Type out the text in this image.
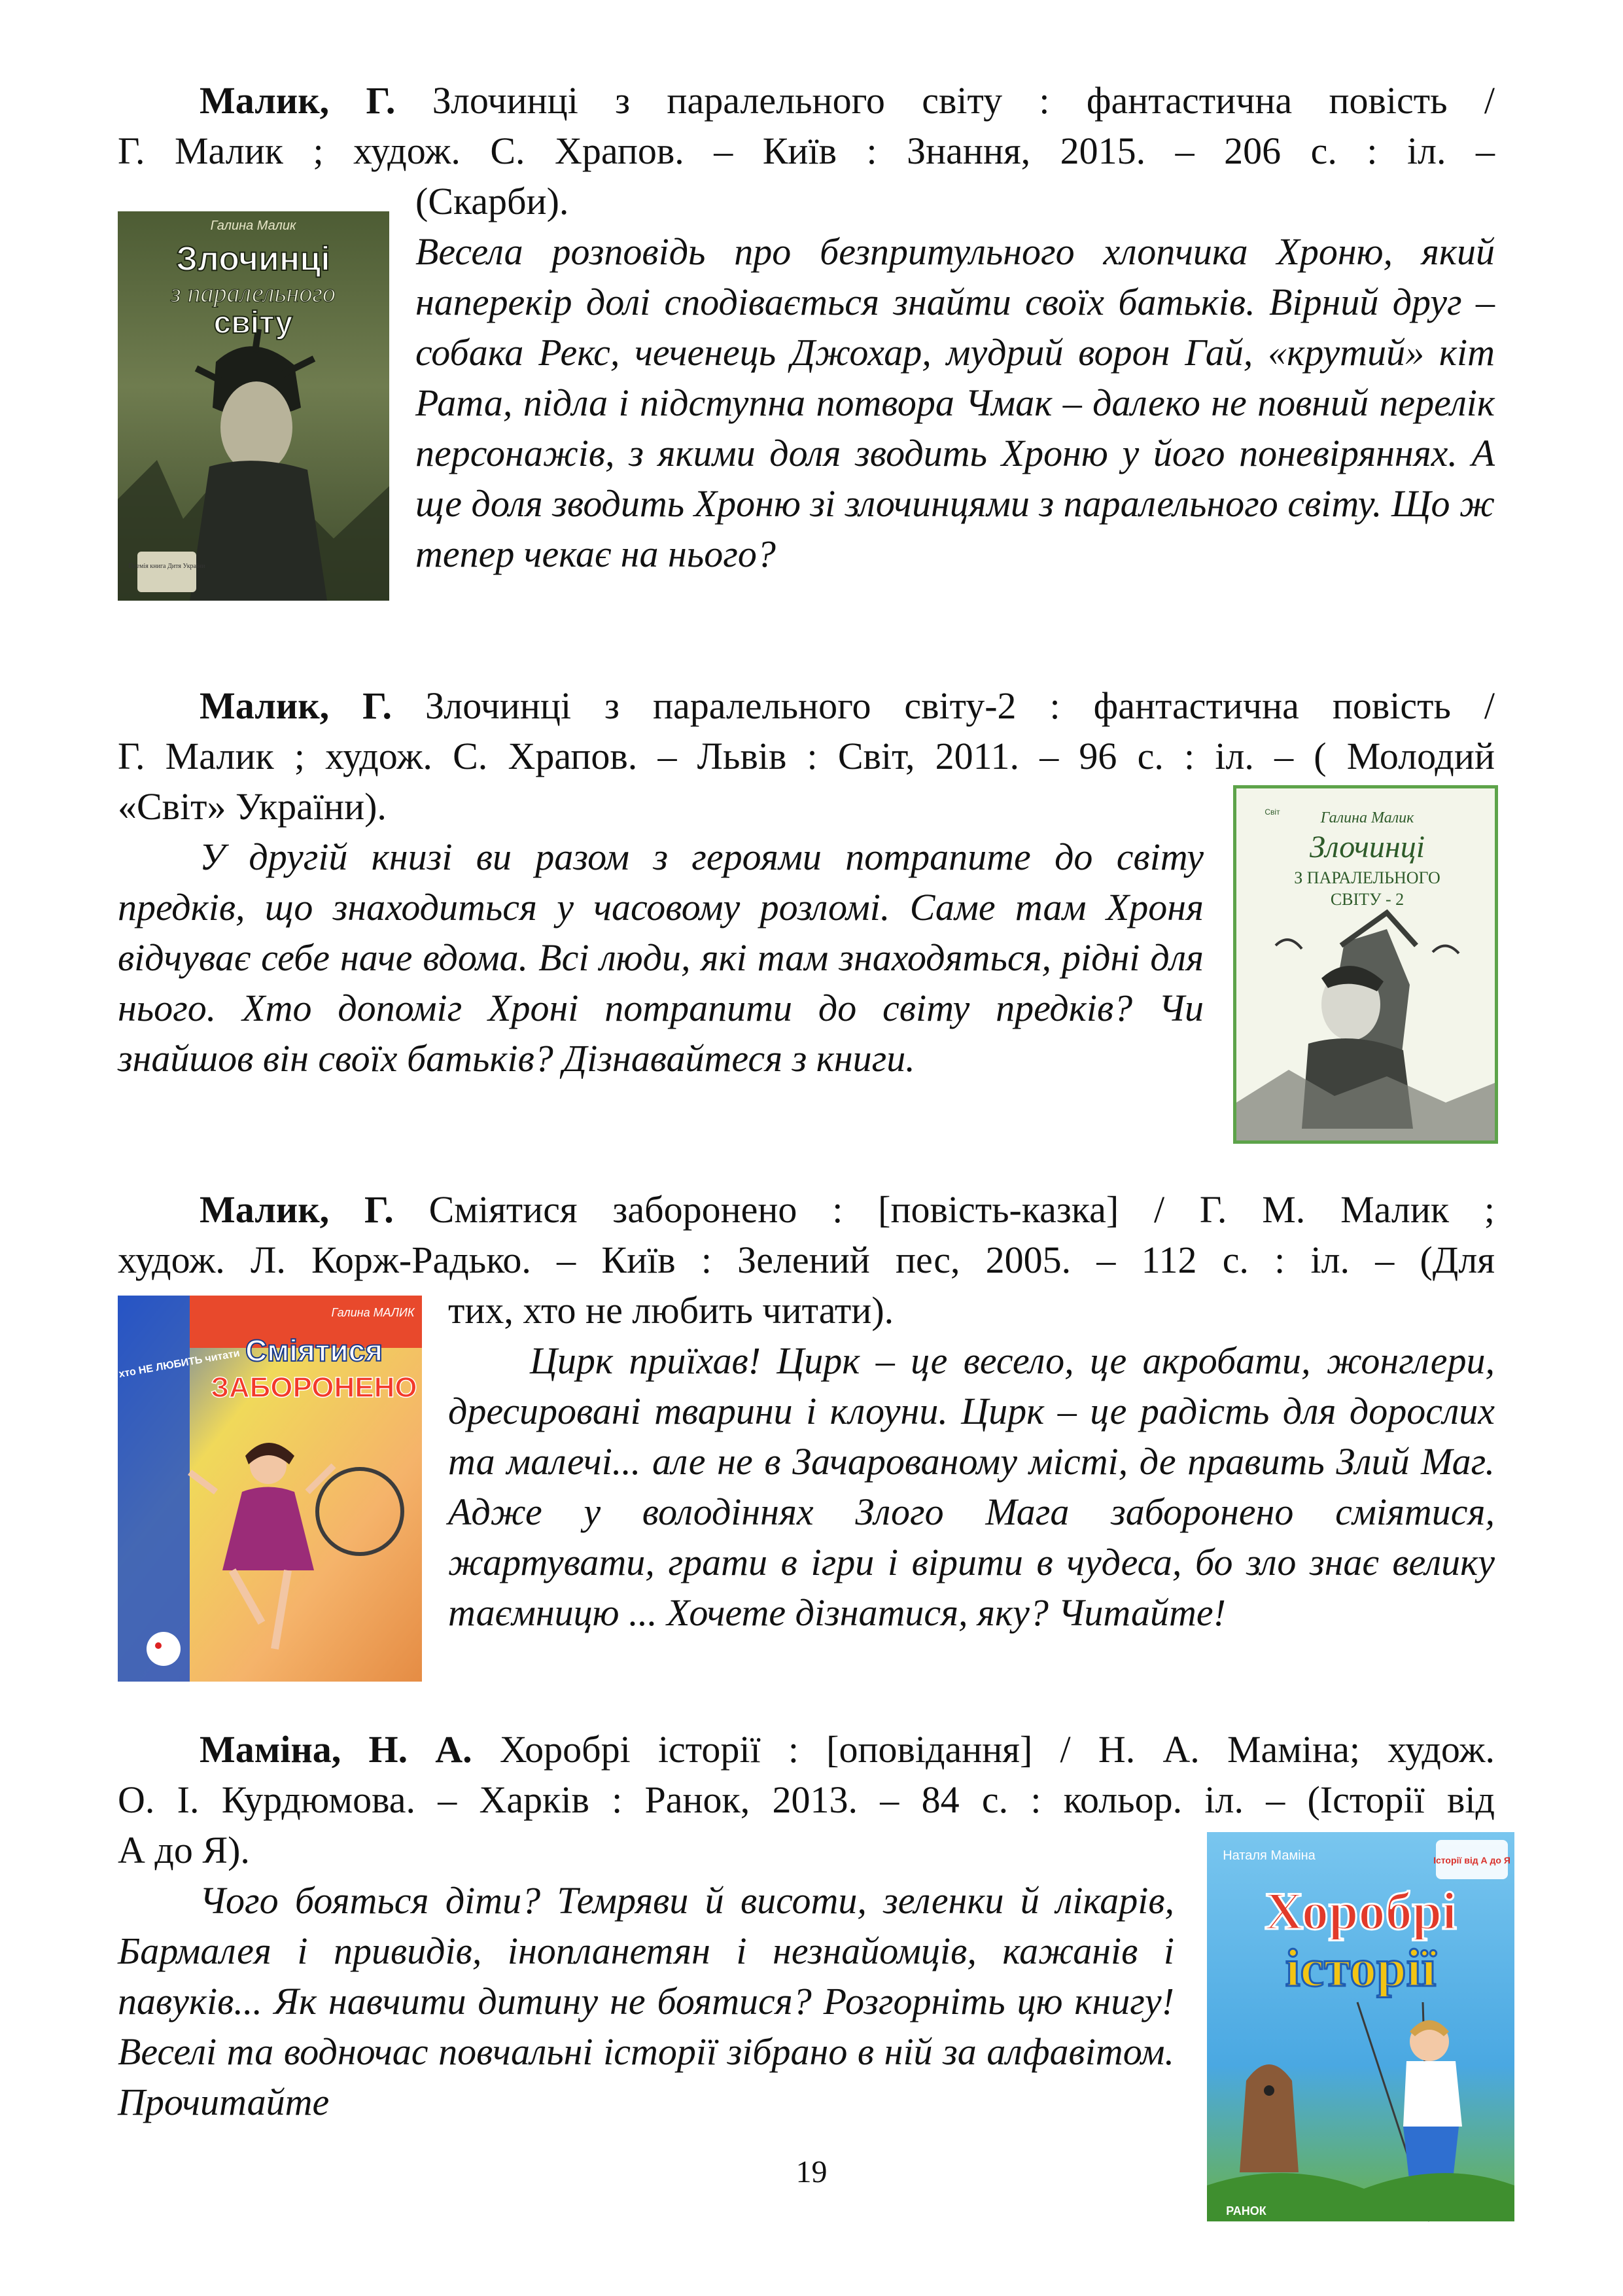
Малик, Г. Злочинці з паралельного світу : фантастична повість /

Г. Малик ; худож. С. Храпов. – Київ : Знання, 2015. – 206 с. : іл. –

(Скарби).

Весела розповідь про безпритульного хлопчика Хроню, який наперекір долі сподівається знайти своїх батьків. Вірний друг – собака Рекс, чеченець Джохар, мудрий ворон Гай, «крутий» кіт Рата, підла і підступна потвора Чмак – далеко не повний перелік персонажів, з якими доля зводить Хроню у його поневіряннях. А ще доля зводить Хроню зі злочинцями з паралельного світу. Що ж тепер чекає на нього?

Галина Малик
Злочинці
з паралельного
світу
Премія книга Дитя України

Малик, Г. Злочинці з паралельного світу-2 : фантастична повість /

Г. Малик ; худож. С. Храпов. – Львів : Світ, 2011. – 96 с. : іл. – ( Молодий

«Світ» України).

У другій книзі ви разом з героями потрапите до світу предків, що знаходиться у часовому розломі. Саме там Хроня відчуває себе наче вдома. Всі люди, які там знаходяться, рідні для нього. Хто допоміг Хроні потрапити до світу предків? Чи знайшов він своїх батьків? Дізнавайтеся з книги.

Галина Малик
Злочинці
З ПАРАЛЕЛЬНОГО
СВІТУ - 2
Світ

Малик, Г. Сміятися заборонено : [повість-казка] / Г. М. Малик ;

худож. Л. Корж-Радько. – Київ : Зелений пес, 2005. – 112 с. : іл. – (Для

тих, хто не любить читати).

Цирк приїхав! Цирк – це весело, це акробати, жонглери, дресировані тварини і клоуни. Цирк – це радість для дорослих та малечі... але не в Зачарованому місті, де править Злий Маг. Адже у володіннях Злого Мага заборонено сміятися, жартувати, грати в ігри і вірити в чудеса, бо зло знає велику таємницю ... Хочете дізнатися, яку? Читайте!

Галина МАЛИК
Сміятися
ЗАБОРОНЕНО
Для тих, хто НЕ ЛЮБИТЬ читати

Маміна, Н. А. Хоробрі історії : [оповідання] / Н. А. Маміна; худож.

О. І. Курдюмова. – Харків : Ранок, 2013. – 84 с. : кольор. іл. – (Історії від

А до Я).

Чого бояться діти? Темряви й висоти, зеленки й лікарів, Бармалея і привидів, інопланетян і незнайомців, кажанів і павуків... Як навчити дитину не боятися? Розгорніть цю книгу! Веселі та водночас повчальні історії зібрано в ній за алфавітом. Прочитайте

Наталя Маміна
Хоробрі
історії
Історії від А до Я
РАНОК
19
